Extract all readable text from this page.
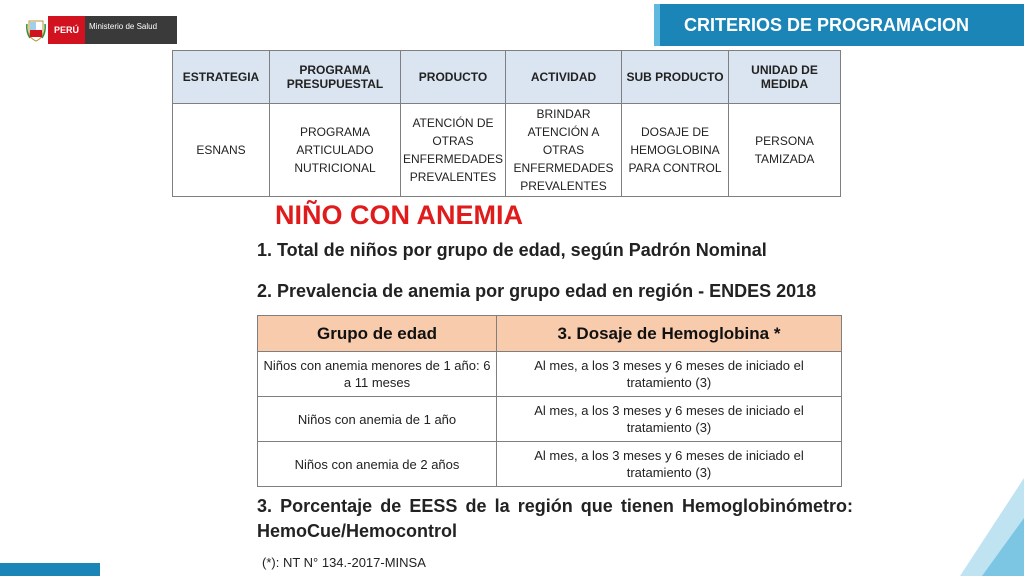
PERÚ	Ministerio de Salud	CRITERIOS DE PROGRAMACION
ESTRATEGIA	PROGRAMA PRESUPUESTAL	PRODUCTO	ACTIVIDAD	SUB PRODUCTO	UNIDAD DE MEDIDA
ESNANS	PROGRAMA ARTICULADO NUTRICIONAL	ATENCIÓN DE OTRAS ENFERMEDADES PREVALENTES	BRINDAR ATENCIÓN A OTRAS ENFERMEDADES PREVALENTES	DOSAJE DE HEMOGLOBINA PARA CONTROL	PERSONA TAMIZADA
NIÑO CON ANEMIA
1. Total de niños por grupo de edad, según Padrón Nominal
2. Prevalencia de anemia por grupo edad en región - ENDES 2018
Grupo de edad	3. Dosaje de Hemoglobina *
Niños con anemia menores de 1 año: 6 a 11 meses	Al mes, a los 3 meses y 6 meses de iniciado el tratamiento (3)
Niños con anemia de 1 año	Al mes, a los 3 meses y 6 meses de iniciado el tratamiento (3)
Niños con anemia de 2 años	Al mes, a los 3 meses y 6 meses de iniciado el tratamiento (3)
3. Porcentaje de EESS de la región que tienen Hemoglobinómetro: HemoCue/Hemocontrol
(*): NT N° 134.-2017-MINSA
